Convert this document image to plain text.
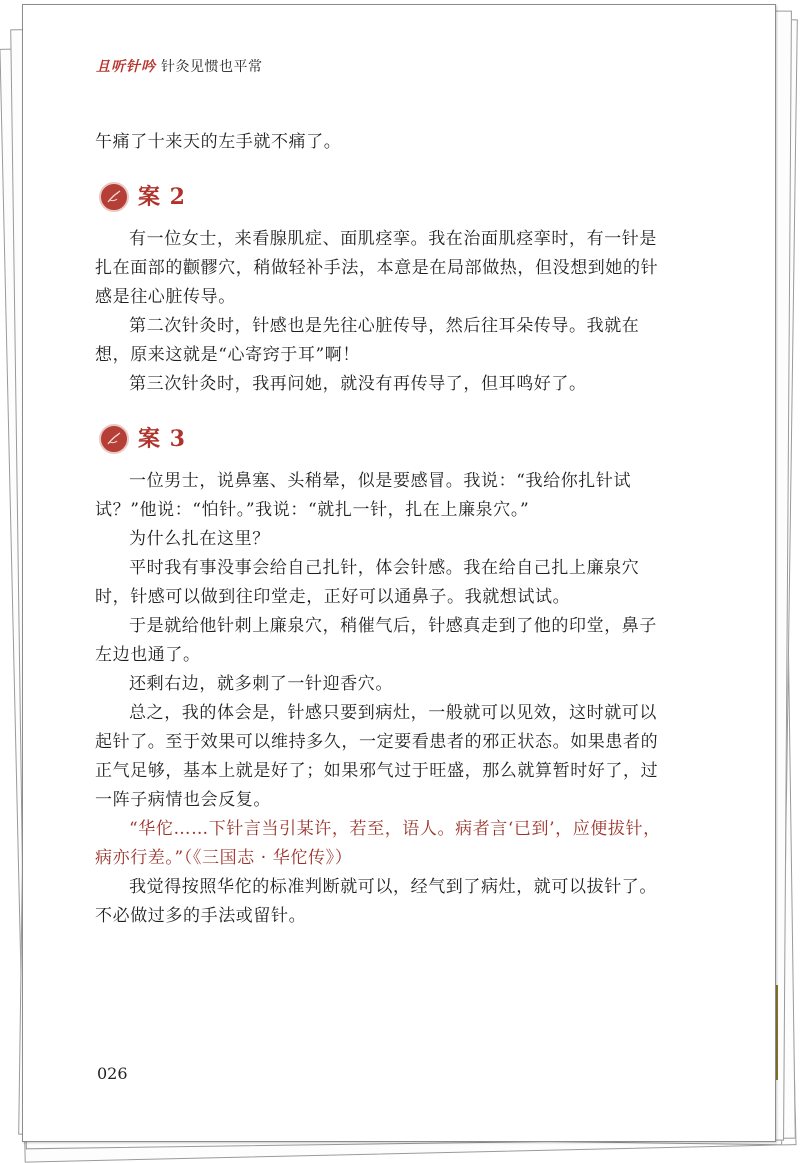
且听针吟 针灸见惯也平常

午痛了十来天的左手就不痛了。

案 2

有一位女士，来看腺肌症、面肌痉挛。我在治面肌痉挛时，有一针是扎在面部的颧髎穴，稍做轻补手法，本意是在局部做热，但没想到她的针感是往心脏传导。

第二次针灸时，针感也是先往心脏传导，然后往耳朵传导。我就在想，原来这就是“心寄窍于耳”啊！

第三次针灸时，我再问她，就没有再传导了，但耳鸣好了。

案 3

一位男士，说鼻塞、头稍晕，似是要感冒。我说：“我给你扎针试试？”他说：“怕针。”我说：“就扎一针，扎在上廉泉穴。”

为什么扎在这里？

平时我有事没事会给自己扎针，体会针感。我在给自己扎上廉泉穴时，针感可以做到往印堂走，正好可以通鼻子。我就想试试。

于是就给他针刺上廉泉穴，稍催气后，针感真走到了他的印堂，鼻子左边也通了。

还剩右边，就多刺了一针迎香穴。

总之，我的体会是，针感只要到病灶，一般就可以见效，这时就可以起针了。至于效果可以维持多久，一定要看患者的邪正状态。如果患者的正气足够，基本上就是好了；如果邪气过于旺盛，那么就算暂时好了，过一阵子病情也会反复。

“华佗……下针言当引某许，若至，语人。病者言‘已到’，应便拔针，病亦行差。”（《三国志 · 华佗传》）

我觉得按照华佗的标准判断就可以，经气到了病灶，就可以拔针了。不必做过多的手法或留针。

026
